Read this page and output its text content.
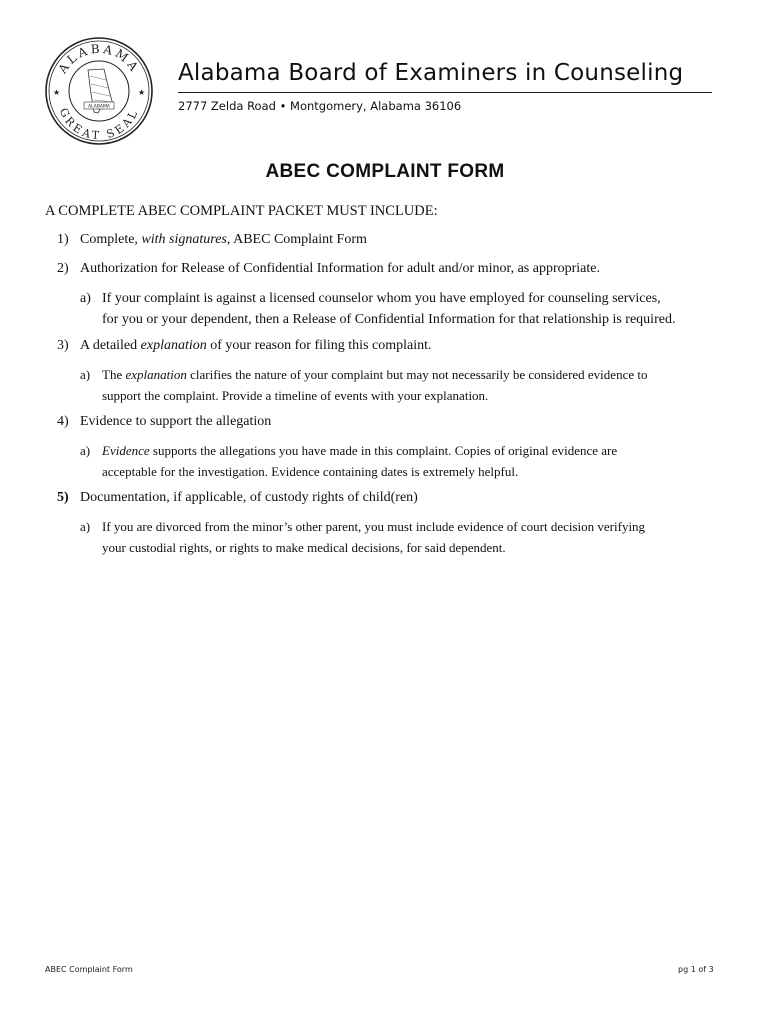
ALABAMA
GREAT SEAL
★	★
ALABAMA
Alabama Board of Examiners in Counseling
2777 Zelda Road • Montgomery, Alabama 36106
ABEC COMPLAINT FORM
A COMPLETE ABEC COMPLAINT PACKET MUST INCLUDE:
1) Complete, with signatures, ABEC Complaint Form
2) Authorization for Release of Confidential Information for adult and/or minor, as appropriate.
a) If your complaint is against a licensed counselor whom you have employed for counseling services,
for you or your dependent, then a Release of Confidential Information for that relationship is required.
3) A detailed explanation of your reason for filing this complaint.
a) The explanation clarifies the nature of your complaint but may not necessarily be considered evidence to
support the complaint. Provide a timeline of events with your explanation.
4) Evidence to support the allegation
a) Evidence supports the allegations you have made in this complaint. Copies of original evidence are
acceptable for the investigation. Evidence containing dates is extremely helpful.
5) Documentation, if applicable, of custody rights of child(ren)
a) If you are divorced from the minor’s other parent, you must include evidence of court decision verifying
your custodial rights, or rights to make medical decisions, for said dependent.
ABEC Complaint Form	pg 1 of 3
